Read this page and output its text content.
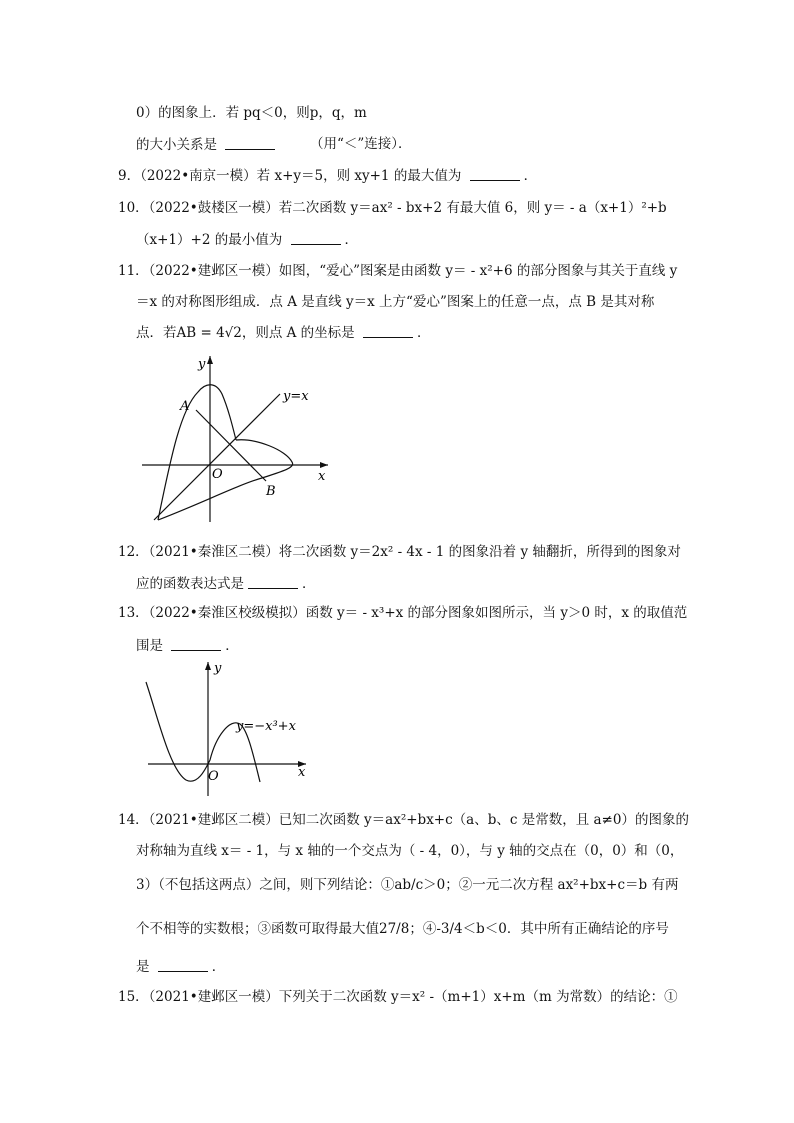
0）的图象上．若 pq＜0，则p，q，m
的大小关系是	（用“＜”连接）．
9．（2022•南京一模）若 x+y＝5，则 xy+1 的最大值为	．
10．（2022•鼓楼区一模）若二次函数 y＝ax² - bx+2 有最大值 6，则 y＝ - a（x+1）²+b
（x+1）+2 的最小值为	．
11．（2022•建邺区一模）如图，“爱心”图案是由函数 y＝ - x²+6 的部分图象与其关于直线 y
＝x 的对称图形组成．点 A 是直线 y＝x 上方“爱心”图案上的任意一点，点 B 是其对称
点．若AB = 4√2，则点 A 的坐标是	．
12．（2021•秦淮区二模）将二次函数 y＝2x² - 4x - 1 的图象沿着 y 轴翻折，所得到的图象对
应的函数表达式是	．
13．（2022•秦淮区校级模拟）函数 y＝ - x³+x 的部分图象如图所示，当 y＞0 时，x 的取值范
围是	．
14．（2021•建邺区二模）已知二次函数 y＝ax²+bx+c（a、b、c 是常数，且 a≠0）的图象的
对称轴为直线 x＝ - 1，与 x 轴的一个交点为（ - 4，0），与 y 轴的交点在（0，0）和（0，
3）（不包括这两点）之间，则下列结论：①ab/c＞0；②一元二次方程 ax²+bx+c＝b 有两
个不相等的实数根；③函数可取得最大值27/8；④-3/4＜b＜0．其中所有正确结论的序号
是	．
15．（2021•建邺区一模）下列关于二次函数 y＝x² -（m+1）x+m（m 为常数）的结论：①
y
x
O
A
B
y=x
y
x
O
y=−x³+x
